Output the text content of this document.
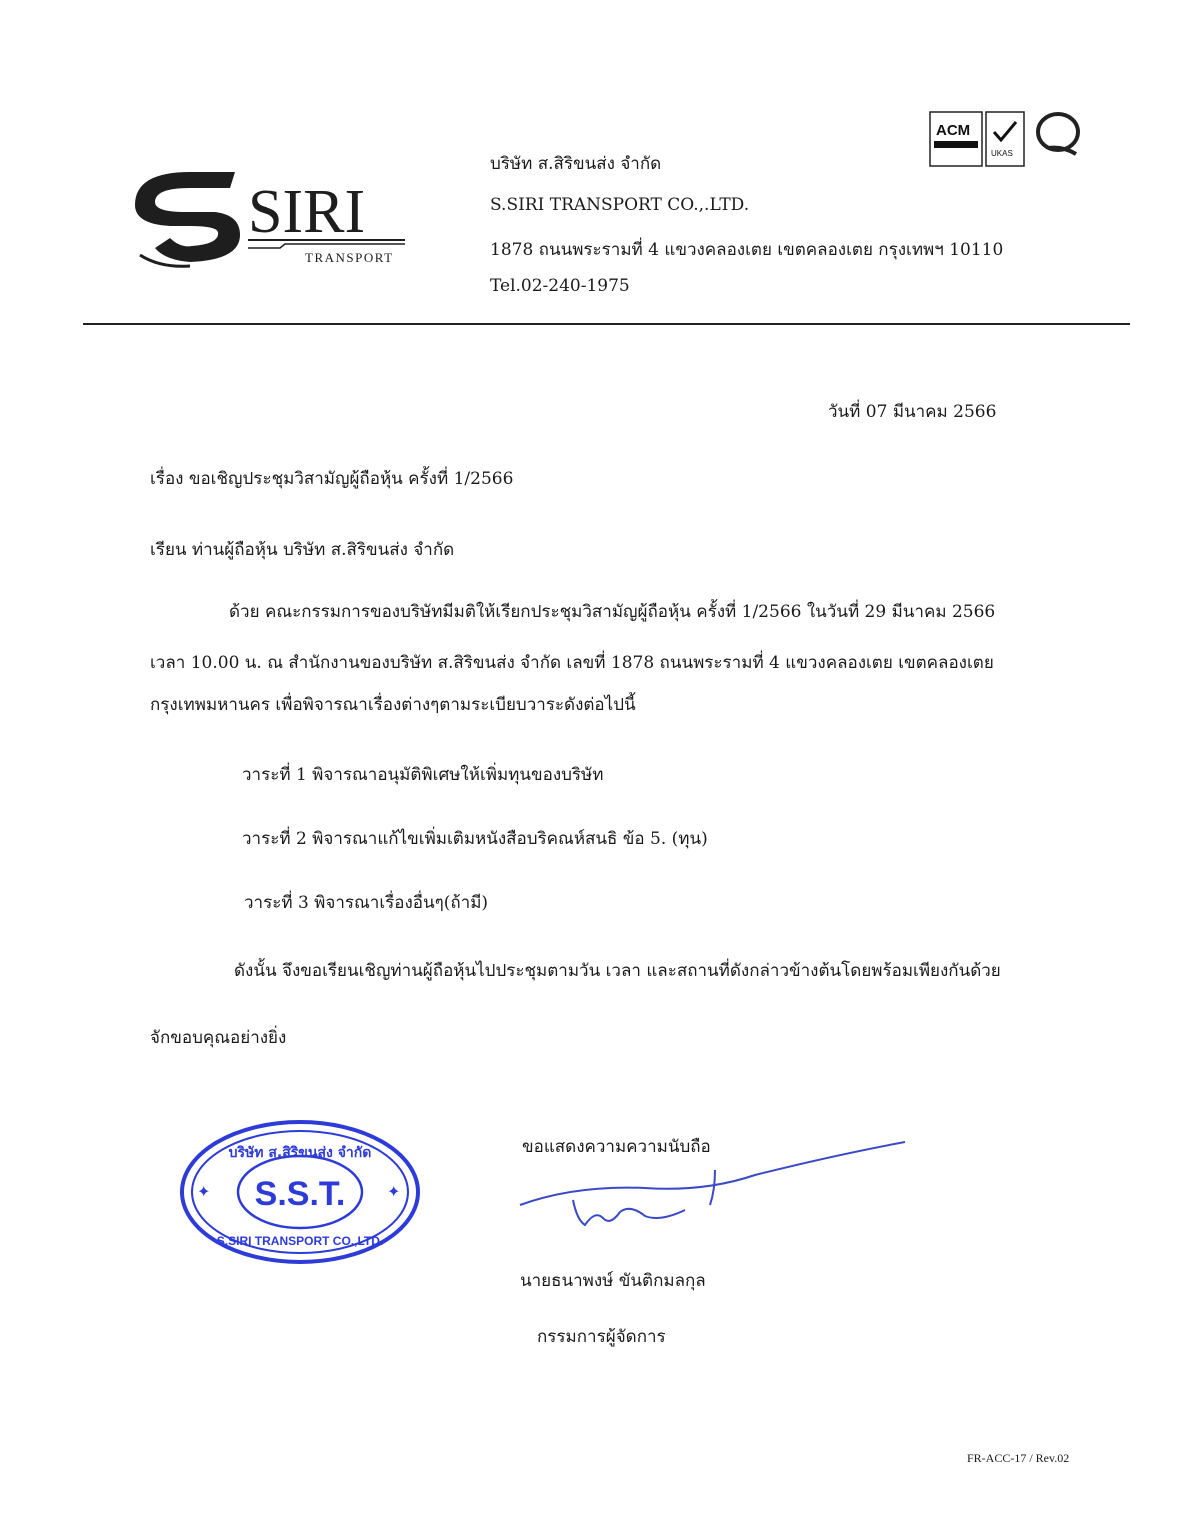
SIRI
TRANSPORT
บริษัท ส.สิริขนส่ง จำกัด
S.SIRI TRANSPORT CO.,.LTD.
1878 ถนนพระรามที่ 4 แขวงคลองเตย เขตคลองเตย กรุงเทพฯ 10110
Tel.02-240-1975
ACM
UKAS
วันที่ 07 มีนาคม 2566
เรื่อง ขอเชิญประชุมวิสามัญผู้ถือหุ้น ครั้งที่ 1/2566
เรียน ท่านผู้ถือหุ้น บริษัท ส.สิริขนส่ง จำกัด
ด้วย คณะกรรมการของบริษัทมีมติให้เรียกประชุมวิสามัญผู้ถือหุ้น ครั้งที่ 1/2566 ในวันที่ 29 มีนาคม 2566
เวลา 10.00 น. ณ สำนักงานของบริษัท ส.สิริขนส่ง จำกัด เลขที่ 1878 ถนนพระรามที่ 4 แขวงคลองเตย เขตคลองเตย
กรุงเทพมหานคร เพื่อพิจารณาเรื่องต่างๆตามระเบียบวาระดังต่อไปนี้
วาระที่ 1 พิจารณาอนุมัติพิเศษให้เพิ่มทุนของบริษัท
วาระที่ 2 พิจารณาแก้ไขเพิ่มเติมหนังสือบริคณห์สนธิ ข้อ 5. (ทุน)
วาระที่ 3 พิจารณาเรื่องอื่นๆ(ถ้ามี)
ดังนั้น จึงขอเรียนเชิญท่านผู้ถือหุ้นไปประชุมตามวัน เวลา และสถานที่ดังกล่าวข้างต้นโดยพร้อมเพียงกันด้วย
จักขอบคุณอย่างยิ่ง
บริษัท ส.สิริขนส่ง จำกัด
S.S.T.
S.SIRI TRANSPORT CO.,LTD.
✦	✦
ขอแสดงความความนับถือ
นายธนาพงษ์ ขันติกมลกุล
กรรมการผู้จัดการ
FR-ACC-17 / Rev.02
